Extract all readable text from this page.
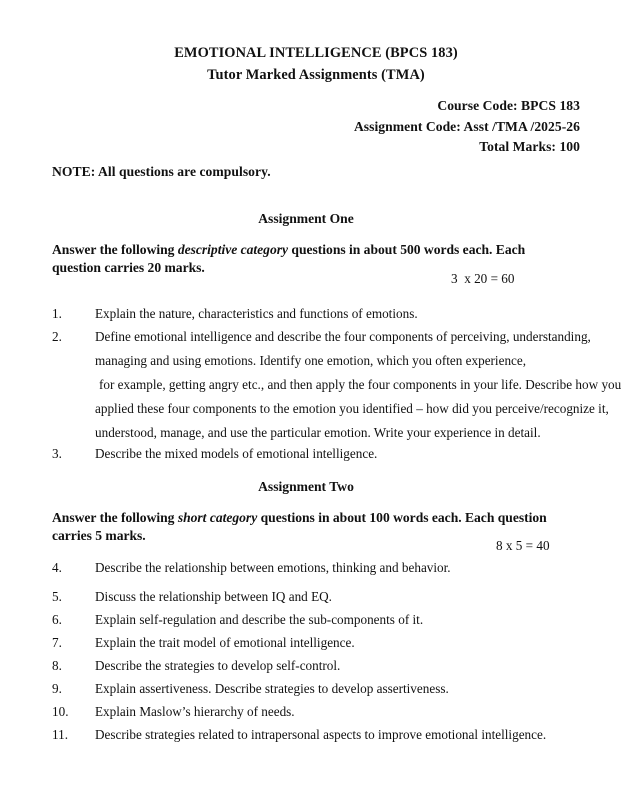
EMOTIONAL INTELLIGENCE (BPCS 183)
Tutor Marked Assignments (TMA)
Course Code: BPCS 183
Assignment Code: Asst /TMA /2025-26
Total Marks: 100
NOTE: All questions are compulsory.
Assignment One
Answer the following descriptive category questions in about 500 words each. Each question carries 20 marks.
3  x 20 = 60
1.	Explain the nature, characteristics and functions of emotions.
2.	Define emotional intelligence and describe the four components of perceiving, understanding,
managing and using emotions. Identify one emotion, which you often experience,
for example, getting angry etc., and then apply the four components in your life. Describe how you
applied these four components to the emotion you identified – how did you perceive/recognize it,
understood, manage, and use the particular emotion. Write your experience in detail.
3.	Describe the mixed models of emotional intelligence.
Assignment Two
Answer the following short category questions in about 100 words each. Each question carries 5 marks.
8 x 5 = 40
4.	Describe the relationship between emotions, thinking and behavior.
5.	Discuss the relationship between IQ and EQ.
6.	Explain self-regulation and describe the sub-components of it.
7.	Explain the trait model of emotional intelligence.
8.	Describe the strategies to develop self-control.
9.	Explain assertiveness. Describe strategies to develop assertiveness.
10.	Explain Maslow’s hierarchy of needs.
11.	Describe strategies related to intrapersonal aspects to improve emotional intelligence.
